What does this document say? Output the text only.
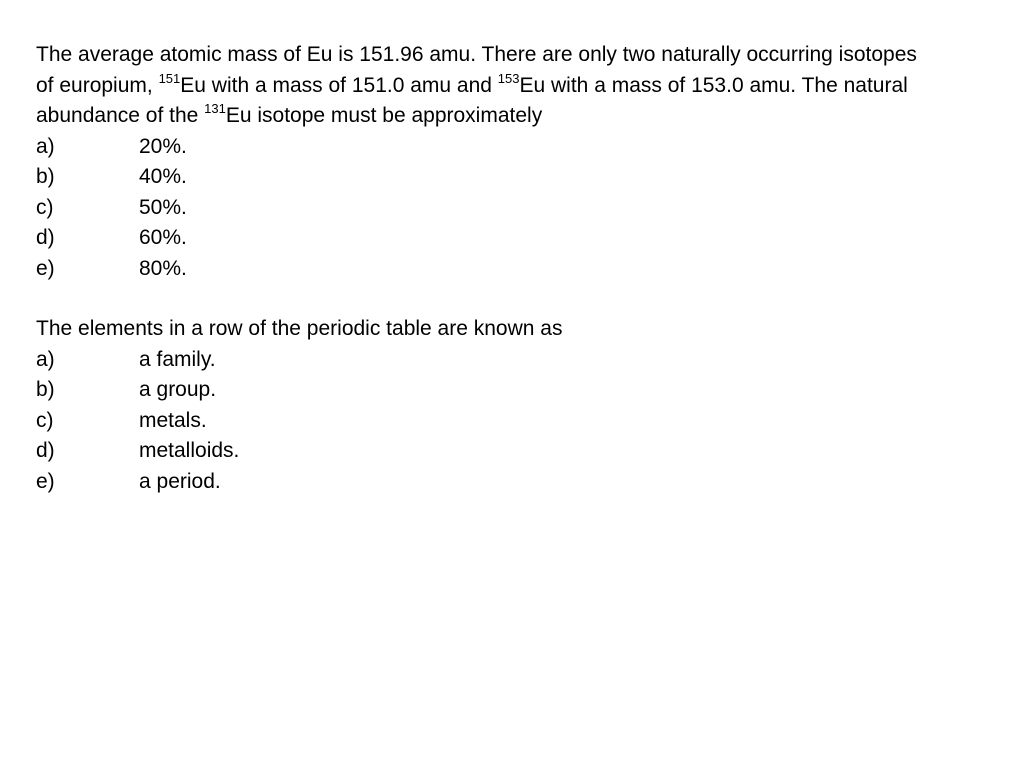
The average atomic mass of Eu is 151.96 amu. There are only two naturally occurring isotopes of europium, $^{151}$Eu with a mass of 151.0 amu and $^{153}$Eu with a mass of 153.0 amu. The natural abundance of the $^{131}$Eu isotope must be approximately

a)	20%.
b)	40%.
c)	50%.
d)	60%.
e)	80%.

The elements in a row of the periodic table are known as

a)	a family.
b)	a group.
c)	metals.
d)	metalloids.
e)	a period.
